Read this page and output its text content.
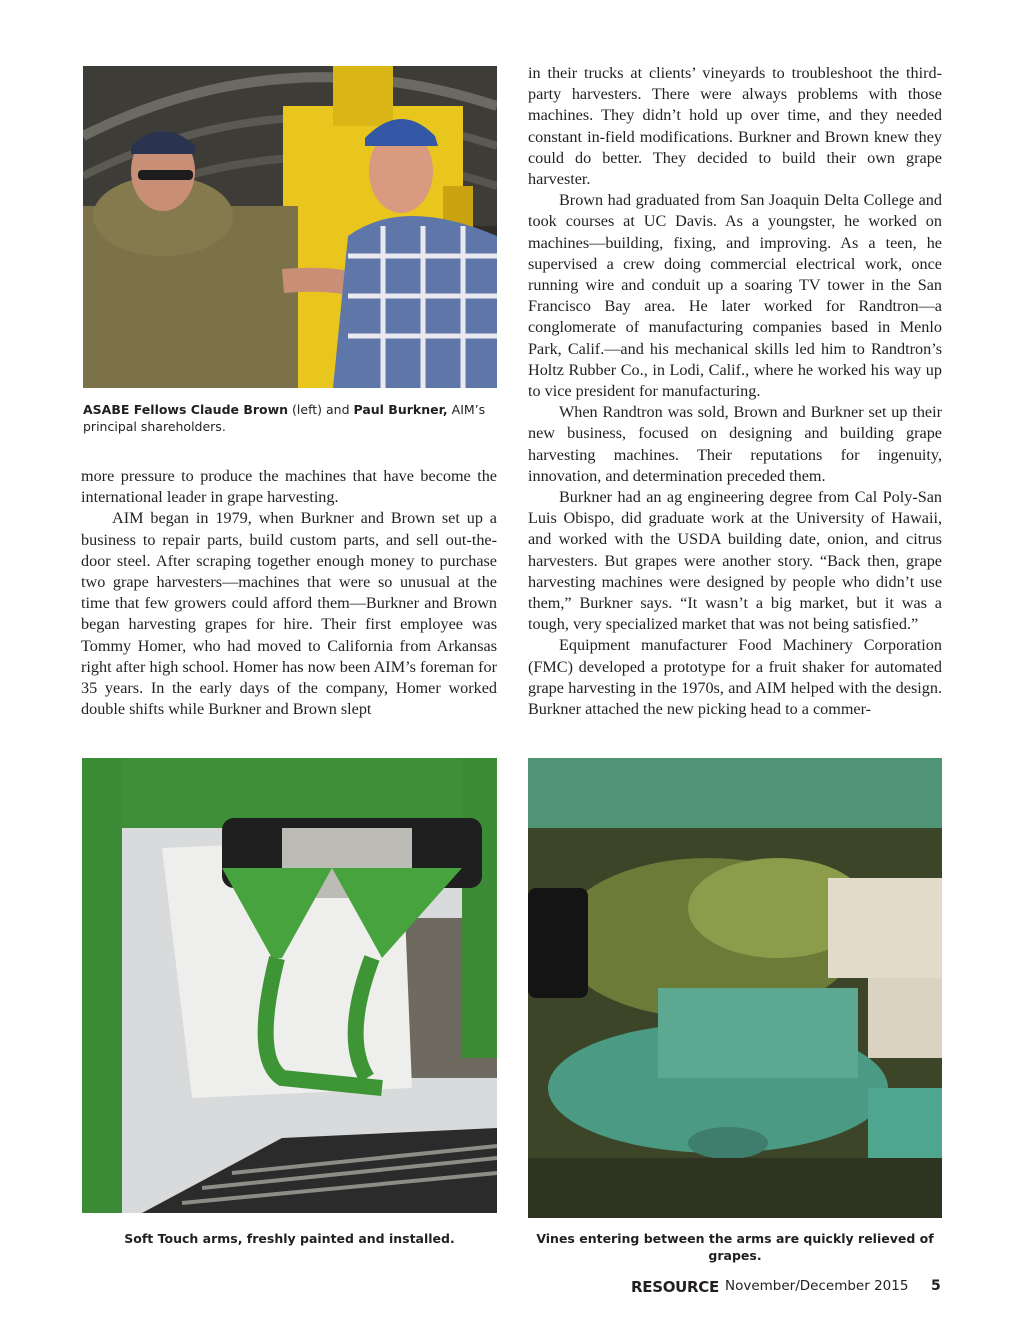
ASABE Fellows Claude Brown (left) and Paul Burkner, AIM’s principal shareholders.

more pressure to produce the machines that have become the international leader in grape harvesting.

AIM began in 1979, when Burkner and Brown set up a business to repair parts, build custom parts, and sell out-the-door steel. After scraping together enough money to purchase two grape harvesters—machines that were so unusual at the time that few growers could afford them—Burkner and Brown began harvesting grapes for hire. Their first employee was Tommy Homer, who had moved to California from Arkansas right after high school. Homer has now been AIM’s foreman for 35 years. In the early days of the company, Homer worked double shifts while Burkner and Brown slept

in their trucks at clients’ vineyards to troubleshoot the third-party harvesters. There were always problems with those machines. They didn’t hold up over time, and they needed constant in-field modifications. Burkner and Brown knew they could do better. They decided to build their own grape harvester.

Brown had graduated from San Joaquin Delta College and took courses at UC Davis. As a youngster, he worked on machines—building, fixing, and improving. As a teen, he supervised a crew doing commercial electrical work, once running wire and conduit up a soaring TV tower in the San Francisco Bay area. He later worked for Randtron—a conglomerate of manufacturing companies based in Menlo Park, Calif.—and his mechanical skills led him to Randtron’s Holtz Rubber Co., in Lodi, Calif., where he worked his way up to vice president for manufacturing.

When Randtron was sold, Brown and Burkner set up their new business, focused on designing and building grape harvesting machines. Their reputations for ingenuity, innovation, and determination preceded them.

Burkner had an ag engineering degree from Cal Poly-San Luis Obispo, did graduate work at the University of Hawaii, and worked with the USDA building date, onion, and citrus harvesters. But grapes were another story. “Back then, grape harvesting machines were designed by people who didn’t use them,” Burkner says. “It wasn’t a big market, but it was a tough, very specialized market that was not being satisfied.”

Equipment manufacturer Food Machinery Corporation (FMC) developed a prototype for a fruit shaker for automated grape harvesting in the 1970s, and AIM helped with the design. Burkner attached the new picking head to a commer-

Soft Touch arms, freshly painted and installed.	Vines entering between the arms are quickly relieved of grapes.
RESOURCE November/December 2015 5
